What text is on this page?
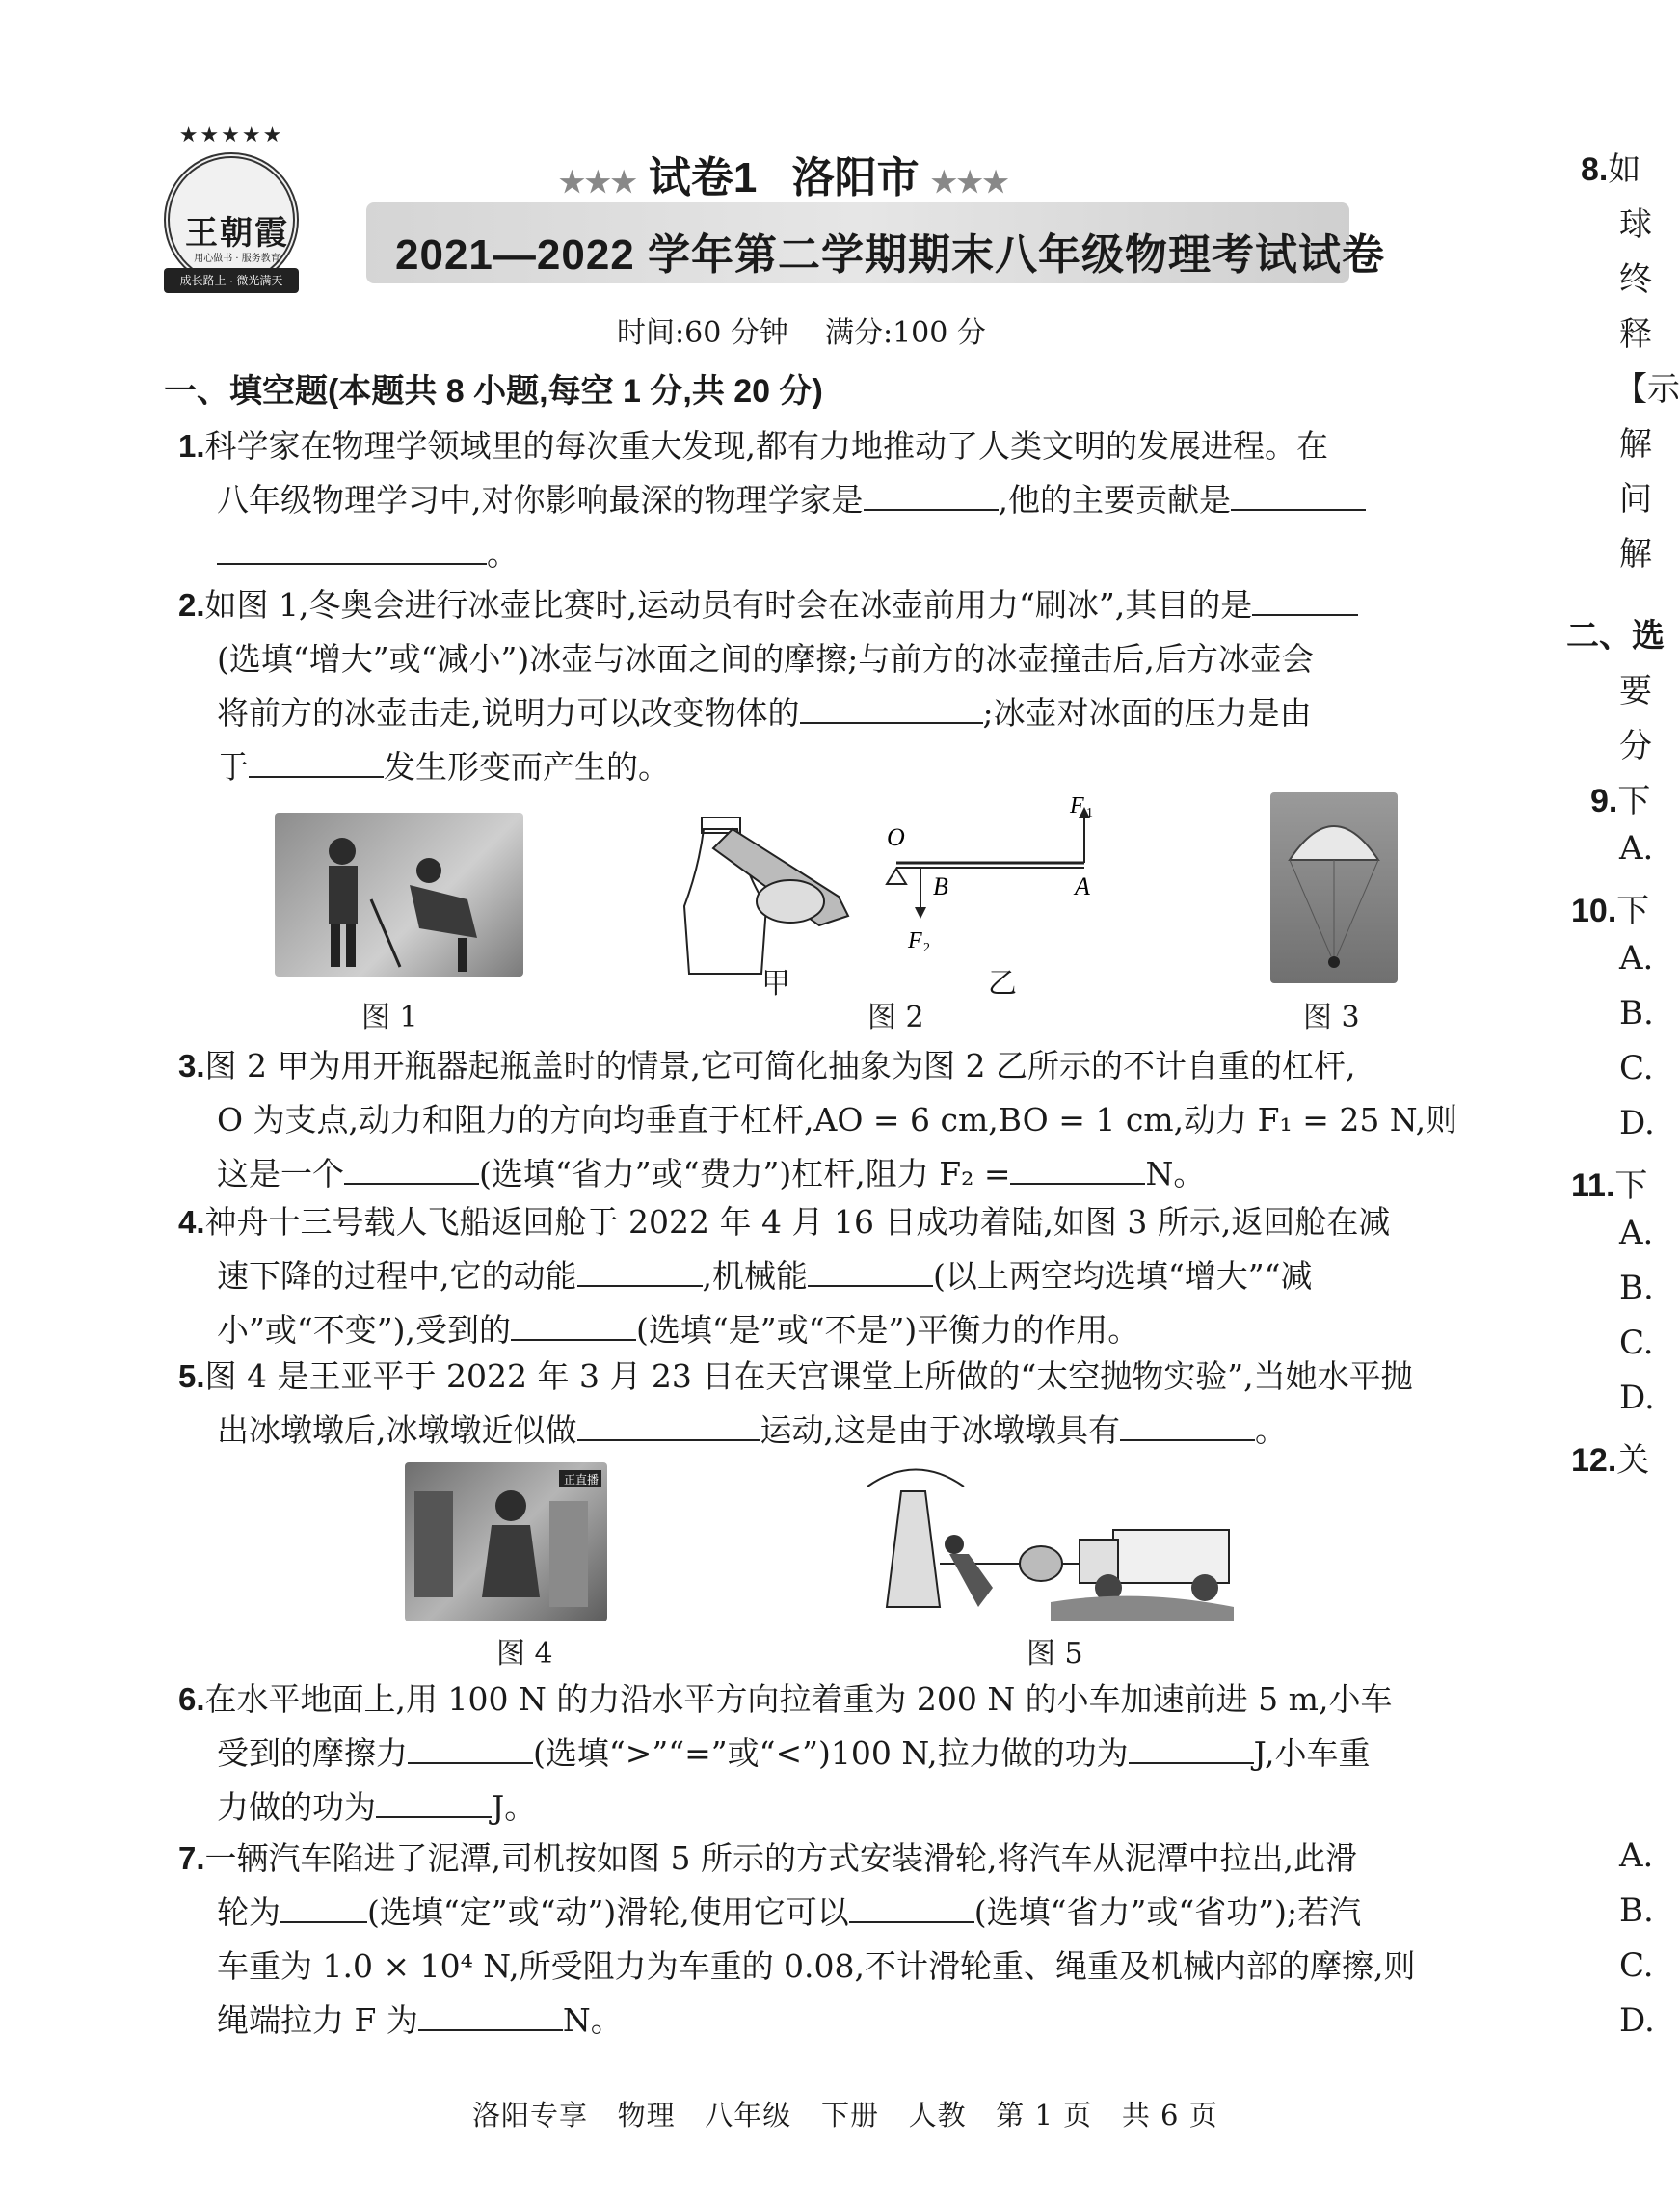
★★★★★
王朝霞
用心做书 · 服务教育
成长路上 · 微光满天
★★★ 试卷1 洛阳市 ★★★
2021—2022 学年第二学期期末八年级物理考试试卷
时间:60 分钟    满分:100 分
一、填空题(本题共 8 小题,每空 1 分,共 20 分)
1.科学家在物理学领域里的每次重大发现,都有力地推动了人类文明的发展进程。在
八年级物理学习中,对你影响最深的物理学家是	,他的主要贡献是
。
2.如图 1,冬奥会进行冰壶比赛时,运动员有时会在冰壶前用力“刷冰”,其目的是
(选填“增大”或“减小”)冰壶与冰面之间的摩擦;与前方的冰壶撞击后,后方冰壶会
将前方的冰壶击走,说明力可以改变物体的	;冰壶对冰面的压力是由
于	发生形变而产生的。
图 1
甲
O
B	A
F 1
F 2
乙
图 2	图 3
3.图 2 甲为用开瓶器起瓶盖时的情景,它可简化抽象为图 2 乙所示的不计自重的杠杆,
O 为支点,动力和阻力的方向均垂直于杠杆,AO = 6 cm,BO = 1 cm,动力 F₁ = 25 N,则
这是一个	(选填“省力”或“费力”)杠杆,阻力 F₂ =	N。
4.神舟十三号载人飞船返回舱于 2022 年 4 月 16 日成功着陆,如图 3 所示,返回舱在减
速下降的过程中,它的动能	,机械能	(以上两空均选填“增大”“减
小”或“不变”),受到的	(选填“是”或“不是”)平衡力的作用。
5.图 4 是王亚平于 2022 年 3 月 23 日在天宫课堂上所做的“太空抛物实验”,当她水平抛
出冰墩墩后,冰墩墩近似做	运动,这是由于冰墩墩具有	。
正直播
图 4	图 5
6.在水平地面上,用 100 N 的力沿水平方向拉着重为 200 N 的小车加速前进 5 m,小车
受到的摩擦力	(选填“>”“=”或“<”)100 N,拉力做的功为	J,小车重
力做的功为	J。
7.一辆汽车陷进了泥潭,司机按如图 5 所示的方式安装滑轮,将汽车从泥潭中拉出,此滑
轮为	(选填“定”或“动”)滑轮,使用它可以	(选填“省力”或“省功”);若汽
车重为 1.0 × 10⁴ N,所受阻力为车重的 0.08,不计滑轮重、绳重及机械内部的摩擦,则
绳端拉力 F 为	N。
洛阳专享   物理   八年级   下册   人教   第 1 页   共 6 页
8.如
球
终
释
【示
解
问
解
二、选
要
分
9.下
A.
10.下
A.
B.
C.
D.
11.下
A.
B.
C.
D.
12.关
A.
B.
C.
D.
